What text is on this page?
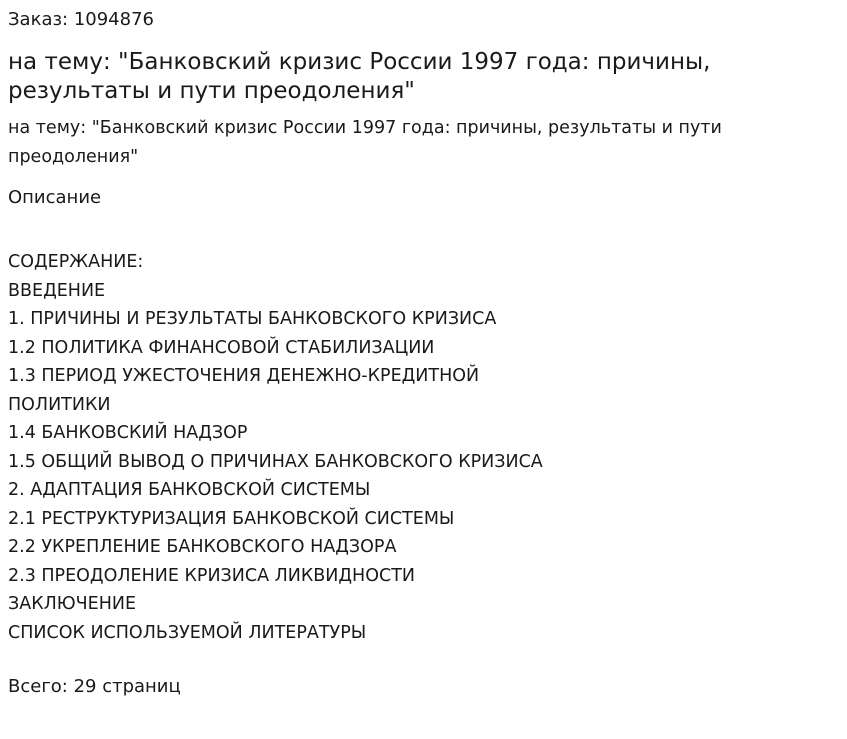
Заказ: 1094876
на тему: "Банковский кризис России 1997 года: причины, результаты и пути преодоления"
на тему: "Банковский кризис России 1997 года: причины, результаты и пути преодоления"
Описание
СОДЕРЖАНИЕ:
ВВЕДЕНИЕ
1. ПРИЧИНЫ И РЕЗУЛЬТАТЫ БАНКОВСКОГО КРИЗИСА
1.2 ПОЛИТИКА ФИНАНСОВОЙ СТАБИЛИЗАЦИИ
1.3 ПЕРИОД УЖЕСТОЧЕНИЯ ДЕНЕЖНО-КРЕДИТНОЙ
ПОЛИТИКИ
1.4 БАНКОВСКИЙ НАДЗОР
1.5 ОБЩИЙ ВЫВОД О ПРИЧИНАХ БАНКОВСКОГО КРИЗИСА
2. АДАПТАЦИЯ БАНКОВСКОЙ СИСТЕМЫ
2.1 РЕСТРУКТУРИЗАЦИЯ БАНКОВСКОЙ СИСТЕМЫ
2.2 УКРЕПЛЕНИЕ БАНКОВСКОГО НАДЗОРА
2.3 ПРЕОДОЛЕНИЕ КРИЗИСА ЛИКВИДНОСТИ
ЗАКЛЮЧЕНИЕ
СПИСОК ИСПОЛЬЗУЕМОЙ ЛИТЕРАТУРЫ
Всего: 29 страниц
